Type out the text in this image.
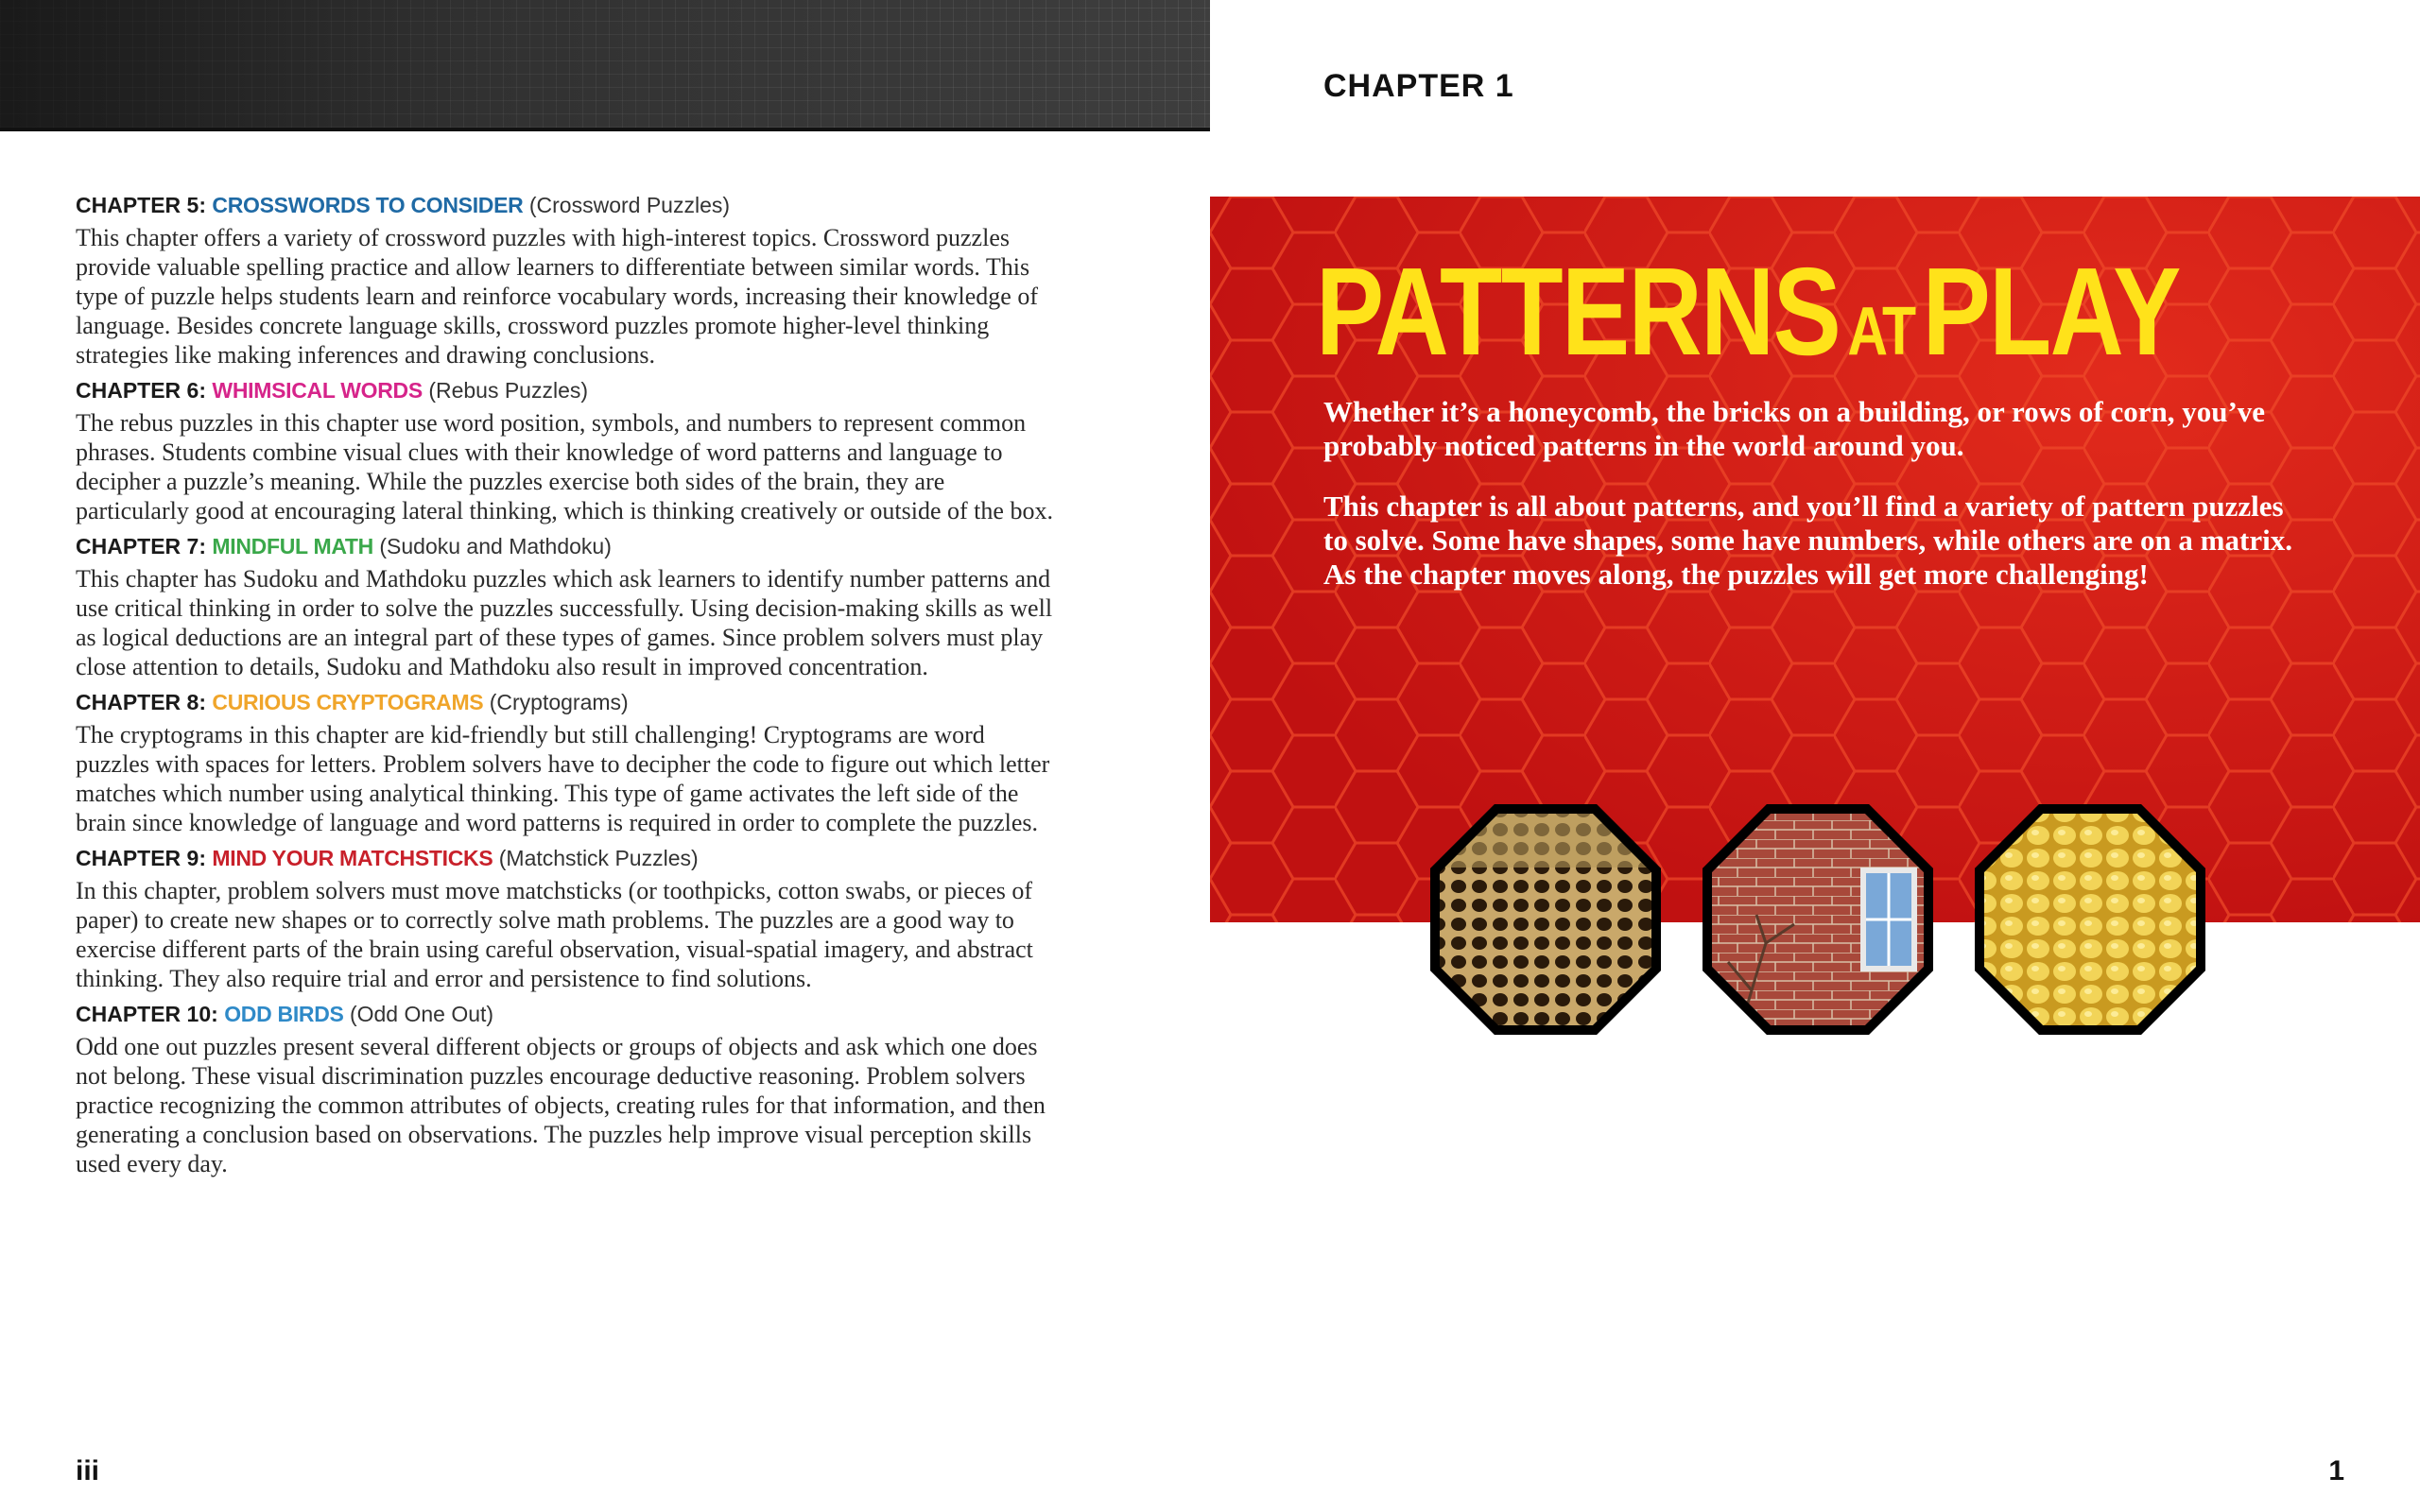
CHAPTER 5: CROSSWORDS TO CONSIDER (Crossword Puzzles)

This chapter offers a variety of crossword puzzles with high-interest topics. Crossword puzzles provide valuable spelling practice and allow learners to differentiate between similar words. This type of puzzle helps students learn and reinforce vocabulary words, increasing their knowledge of language. Besides concrete language skills, crossword puzzles promote higher-level thinking strategies like making inferences and drawing conclusions.

CHAPTER 6: WHIMSICAL WORDS (Rebus Puzzles)

The rebus puzzles in this chapter use word position, symbols, and numbers to represent common phrases. Students combine visual clues with their knowledge of word patterns and language to decipher a puzzle’s meaning. While the puzzles exercise both sides of the brain, they are particularly good at encouraging lateral thinking, which is thinking creatively or outside of the box.

CHAPTER 7: MINDFUL MATH (Sudoku and Mathdoku)

This chapter has Sudoku and Mathdoku puzzles which ask learners to identify number patterns and use critical thinking in order to solve the puzzles successfully. Using decision-making skills as well as logical deductions are an integral part of these types of games. Since problem solvers must play close attention to details, Sudoku and Mathdoku also result in improved concentration.

CHAPTER 8: CURIOUS CRYPTOGRAMS (Cryptograms)

The cryptograms in this chapter are kid-friendly but still challenging! Cryptograms are word puzzles with spaces for letters. Problem solvers have to decipher the code to figure out which letter matches which number using analytical thinking. This type of game activates the left side of the brain since knowledge of language and word patterns is required in order to complete the puzzles.

CHAPTER 9: MIND YOUR MATCHSTICKS (Matchstick Puzzles)

In this chapter, problem solvers must move matchsticks (or toothpicks, cotton swabs, or pieces of paper) to create new shapes or to correctly solve math problems. The puzzles are a good way to exercise different parts of the brain using careful observation, visual-spatial imagery, and abstract thinking. They also require trial and error and persistence to find solutions.

CHAPTER 10: ODD BIRDS (Odd One Out)

Odd one out puzzles present several different objects or groups of objects and ask which one does not belong. These visual discrimination puzzles encourage deductive reasoning. Problem solvers practice recognizing the common attributes of objects, creating rules for that information, and then generating a conclusion based on observations. The puzzles help improve visual perception skills used every day.

iii
CHAPTER 1
PATTERNS ATPLAY

Whether it’s a honeycomb, the bricks on a building, or rows of corn, you’ve probably noticed patterns in the world around you.

This chapter is all about patterns, and you’ll find a variety of pattern puzzles to solve. Some have shapes, some have numbers, while others are on a matrix. As the chapter moves along, the puzzles will get more challenging!

1
